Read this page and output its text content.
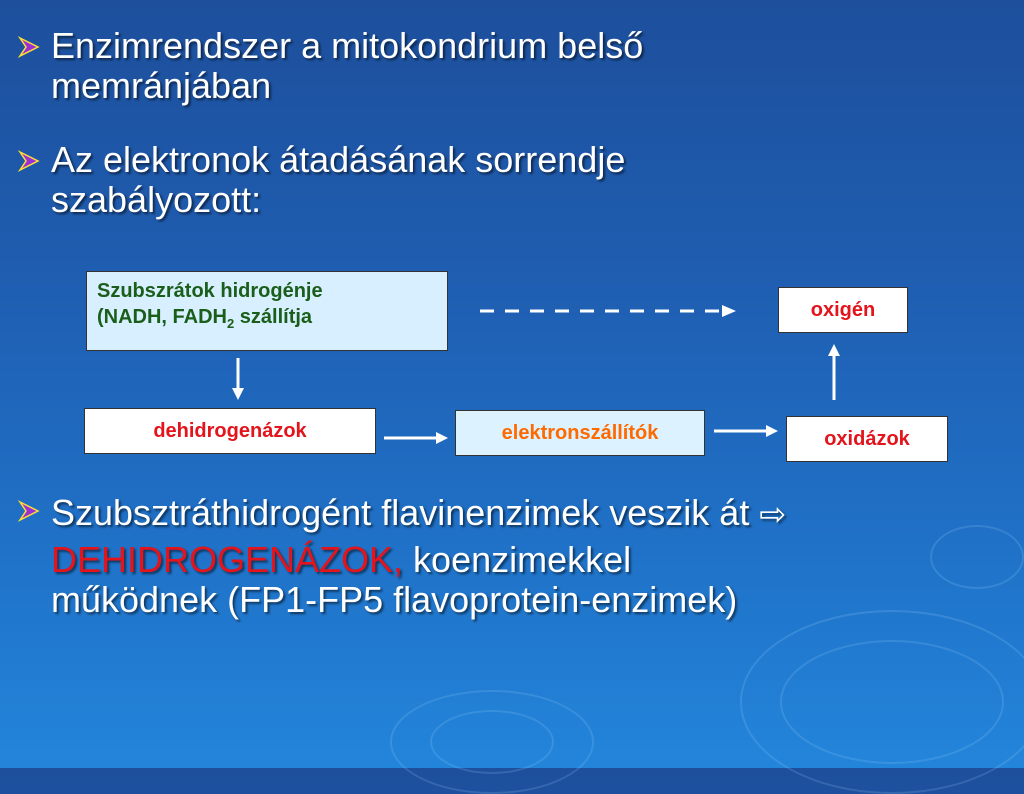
Enzimrendszer a mitokondrium belső
memránjában
Az elektronok átadásának sorrendje
szabályozott:
Szubszrátok hidrogénje
(NADH, $FADH_2$ szállítja	oxigén
dehidrogenázok	elektronszállítók	oxidázok
Szubsztráthidrogént flavinenzimek veszik át ⇨
DEHIDROGENÁZOK, koenzimekkel
működnek (FP1-FP5 flavoprotein-enzimek)
